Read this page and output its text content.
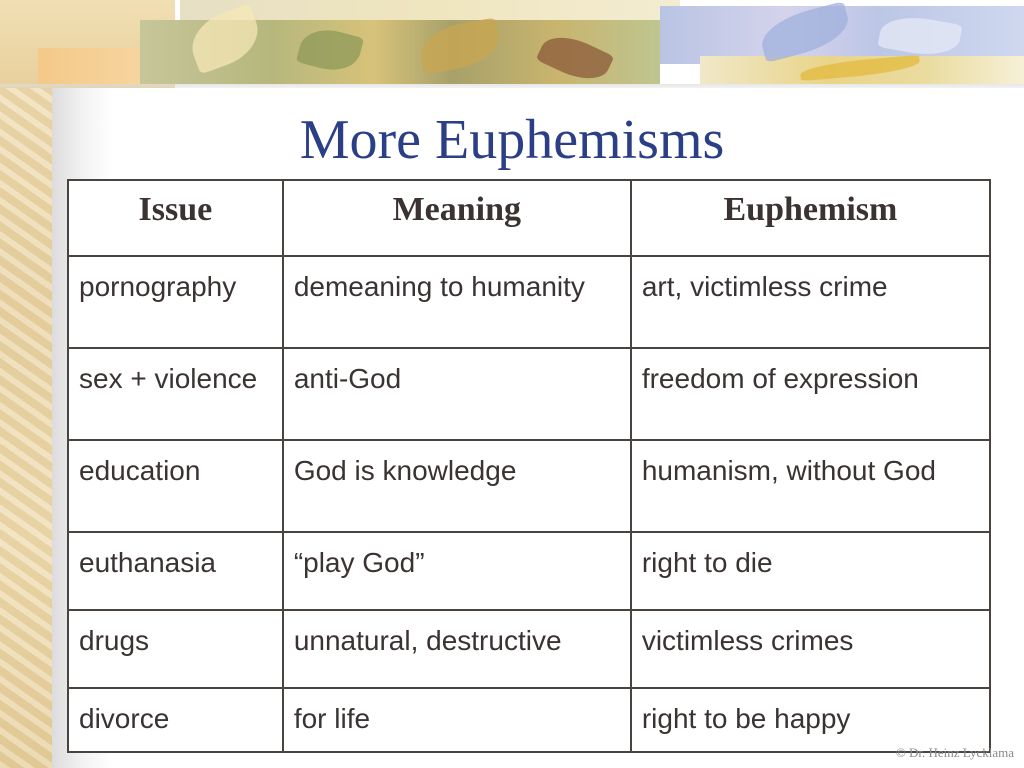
More Euphemisms
Issue	Meaning	Euphemism
pornography	demeaning to humanity	art, victimless crime
sex + violence	anti-God	freedom of expression
education	God is knowledge	humanism, without God
euthanasia	“play God”	right to die
drugs	unnatural, destructive	victimless crimes
divorce	for life	right to be happy
© Dr. Heinz Lycklama
